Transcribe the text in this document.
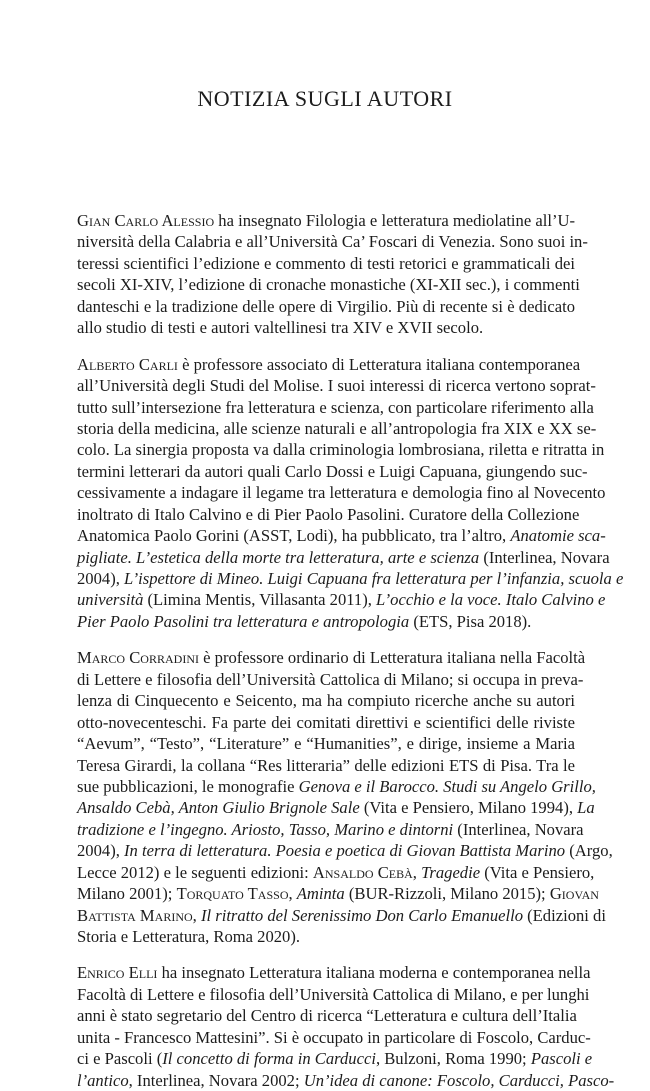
NOTIZIA SUGLI AUTORI
Gian Carlo Alessio ha insegnato Filologia e letteratura mediolatine all’U-
niversità della Calabria e all’Università Ca’ Foscari di Venezia. Sono suoi in-
teressi scientifici l’edizione e commento di testi retorici e grammaticali dei
secoli XI-XIV, l’edizione di cronache monastiche (XI-XII sec.), i commenti
danteschi e la tradizione delle opere di Virgilio. Più di recente si è dedicato
allo studio di testi e autori valtellinesi tra XIV e XVII secolo.
Alberto Carli è professore associato di Letteratura italiana contemporanea
all’Università degli Studi del Molise. I suoi interessi di ricerca vertono soprat-
tutto sull’intersezione fra letteratura e scienza, con particolare riferimento alla
storia della medicina, alle scienze naturali e all’antropologia fra XIX e XX se-
colo. La sinergia proposta va dalla criminologia lombrosiana, riletta e ritratta in
termini letterari da autori quali Carlo Dossi e Luigi Capuana, giungendo suc-
cessivamente a indagare il legame tra letteratura e demologia fino al Novecento
inoltrato di Italo Calvino e di Pier Paolo Pasolini. Curatore della Collezione
Anatomica Paolo Gorini (ASST, Lodi), ha pubblicato, tra l’altro, Anatomie sca-
pigliate. L’estetica della morte tra letteratura, arte e scienza (Interlinea, Novara
2004), L’ispettore di Mineo. Luigi Capuana fra letteratura per l’infanzia, scuola e
università (Limina Mentis, Villasanta 2011), L’occhio e la voce. Italo Calvino e
Pier Paolo Pasolini tra letteratura e antropologia (ETS, Pisa 2018).
Marco Corradini è professore ordinario di Letteratura italiana nella Facoltà
di Lettere e filosofia dell’Università Cattolica di Milano; si occupa in preva-
lenza di Cinquecento e Seicento, ma ha compiuto ricerche anche su autori
otto-novecenteschi. Fa parte dei comitati direttivi e scientifici delle riviste
“Aevum”, “Testo”, “Literature” e “Humanities”, e dirige, insieme a Maria
Teresa Girardi, la collana “Res litteraria” delle edizioni ETS di Pisa. Tra le
sue pubblicazioni, le monografie Genova e il Barocco. Studi su Angelo Grillo,
Ansaldo Cebà, Anton Giulio Brignole Sale (Vita e Pensiero, Milano 1994), La
tradizione e l’ingegno. Ariosto, Tasso, Marino e dintorni (Interlinea, Novara
2004), In terra di letteratura. Poesia e poetica di Giovan Battista Marino (Argo,
Lecce 2012) e le seguenti edizioni: Ansaldo Cebà, Tragedie (Vita e Pensiero,
Milano 2001); Torquato Tasso, Aminta (BUR-Rizzoli, Milano 2015); Giovan
Battista Marino, Il ritratto del Serenissimo Don Carlo Emanuello (Edizioni di
Storia e Letteratura, Roma 2020).
Enrico Elli ha insegnato Letteratura italiana moderna e contemporanea nella
Facoltà di Lettere e filosofia dell’Università Cattolica di Milano, e per lunghi
anni è stato segretario del Centro di ricerca “Letteratura e cultura dell’Italia
unita - Francesco Mattesini”. Si è occupato in particolare di Foscolo, Carduc-
ci e Pascoli (Il concetto di forma in Carducci, Bulzoni, Roma 1990; Pascoli e
l’antico, Interlinea, Novara 2002; Un’idea di canone: Foscolo, Carducci, Pasco-
